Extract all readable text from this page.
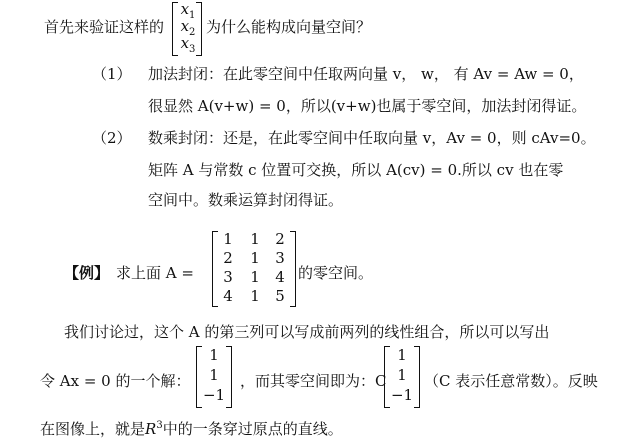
首先来验证这样的
$x_1$
$x_2$
$x_3$
为什么能构成向量空间？
（1） 加法封闭：在此零空间中任取两向量 v， w， 有 Av = Aw = 0，
很显然 A(v+w) = 0，所以(v+w)也属于零空间，加法封闭得证。
（2） 数乘封闭：还是，在此零空间中任取向量 v，Av = 0，则 cAv=0。
矩阵 A 与常数 c 位置可交换，所以 A(cv) = 0.所以 cv 也在零
空间中。数乘运算封闭得证。
【例】 求上面 A =
1 1 2
2 1 3
3 1 4
4 1 5
的零空间。
我们讨论过，这个 A 的第三列可以写成前两列的线性组合，所以可以写出
令 Ax = 0 的一个解：
1
1
−1
，而其零空间即为：C
1
1
−1
（C 表示任意常数）。反映
在图像上，就是$R^3$中的一条穿过原点的直线。
